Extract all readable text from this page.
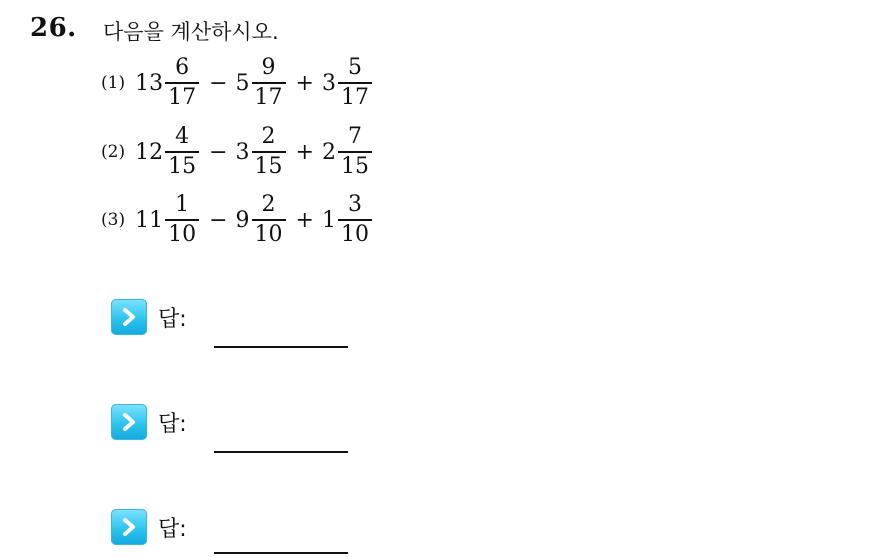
26. 다음을 계산하시오.
(1) $13 \frac{6}{17} - 5 \frac{9}{17} + 3 \frac{5}{17}$
(2) $12 \frac{4}{15} - 3 \frac{2}{15} + 2 \frac{7}{15}$
(3) $11 \frac{1}{10} - 9 \frac{2}{10} + 1 \frac{3}{10}$
답:
답:
답:
